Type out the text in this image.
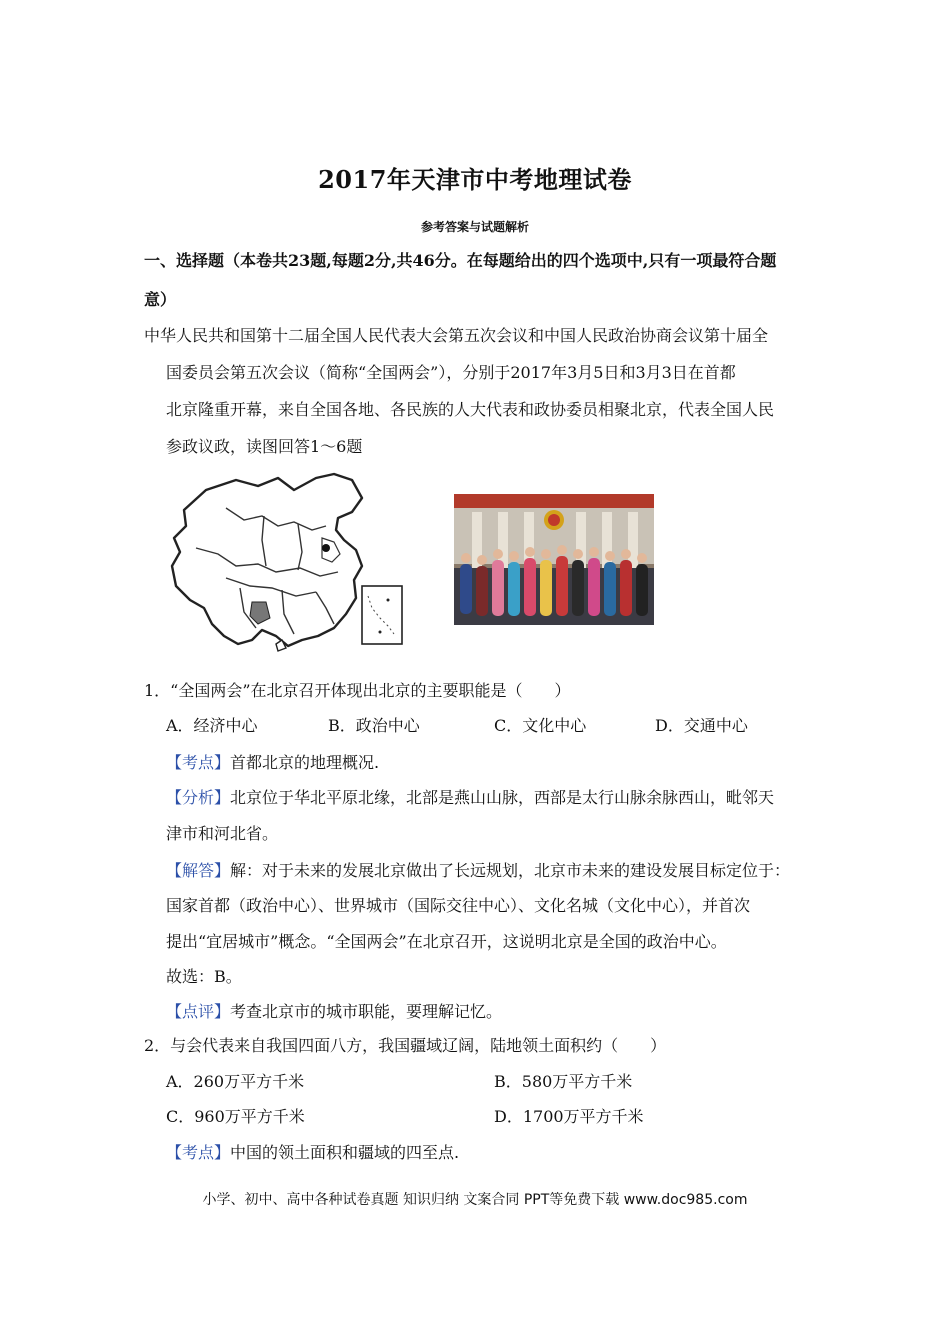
2017年天津市中考地理试卷
参考答案与试题解析
一、选择题（本卷共23题,每题2分,共46分。在每题给出的四个选项中,只有一项最符合题
意）
中华人民共和国第十二届全国人民代表大会第五次会议和中国人民政治协商会议第十届全
国委员会第五次会议（简称“全国两会”），分别于2017年3月5日和3月3日在首都
北京隆重开幕，来自全国各地、各民族的人大代表和政协委员相聚北京，代表全国人民
参政议政，读图回答1～6题
1．“全国两会”在北京召开体现出北京的主要职能是（　　）
A．经济中心	B．政治中心	C．文化中心	D．交通中心
【考点】首都北京的地理概况.
【分析】北京位于华北平原北缘，北部是燕山山脉，西部是太行山脉余脉西山，毗邻天
津市和河北省。
【解答】解：对于未来的发展北京做出了长远规划，北京市未来的建设发展目标定位于：
国家首都（政治中心）、世界城市（国际交往中心）、文化名城（文化中心），并首次
提出“宜居城市”概念。“全国两会”在北京召开，这说明北京是全国的政治中心。
故选：B。
【点评】考查北京市的城市职能，要理解记忆。
2．与会代表来自我国四面八方，我国疆域辽阔，陆地领土面积约（　　）
A．260万平方千米	B．580万平方千米
C．960万平方千米	D．1700万平方千米
【考点】中国的领土面积和疆域的四至点.
小学、初中、高中各种试卷真题 知识归纳 文案合同 PPT等免费下载 www.doc985.com
